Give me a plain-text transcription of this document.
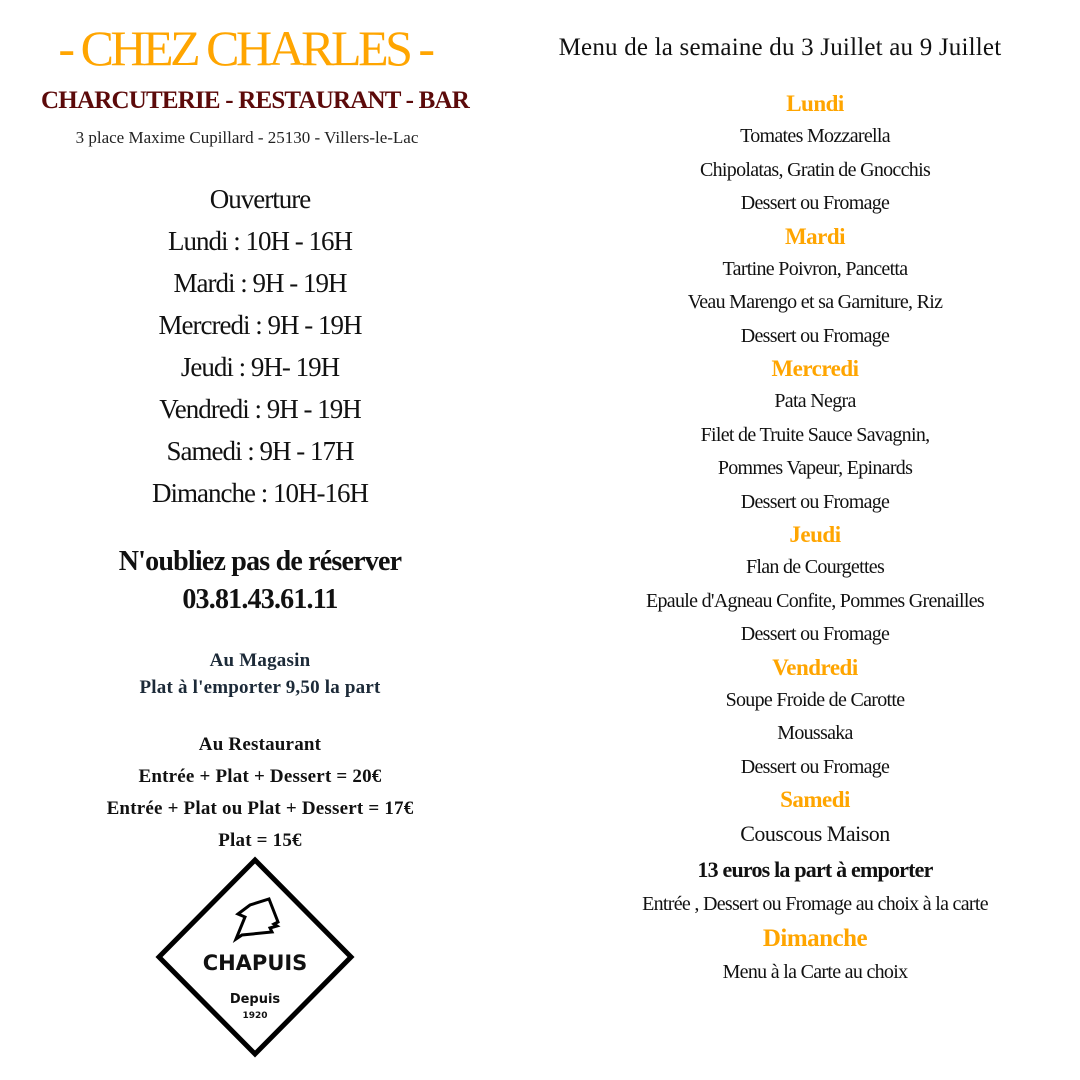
- CHEZ CHARLES -
CHARCUTERIE - RESTAURANT - BAR
3 place Maxime Cupillard - 25130 - Villers-le-Lac
Ouverture
Lundi : 10H - 16H
Mardi : 9H - 19H
Mercredi : 9H - 19H
Jeudi : 9H- 19H
Vendredi : 9H - 19H
Samedi : 9H - 17H
Dimanche : 10H-16H
N'oubliez pas de réserver
03.81.43.61.11
Au Magasin
Plat à l'emporter 9,50 la part
Au Restaurant
Entrée + Plat + Dessert = 20€
Entrée + Plat ou Plat + Dessert = 17€
Plat = 15€
CHAPUIS
Depuis
1920
Menu de la semaine du 3 Juillet au 9 Juillet
Lundi
Tomates Mozzarella
Chipolatas, Gratin de Gnocchis
Dessert ou Fromage
Mardi
Tartine Poivron, Pancetta
Veau Marengo et sa Garniture, Riz
Dessert ou Fromage
Mercredi
Pata Negra
Filet de Truite Sauce Savagnin,
Pommes Vapeur, Epinards
Dessert ou Fromage
Jeudi
Flan de Courgettes
Epaule d'Agneau Confite, Pommes Grenailles
Dessert ou Fromage
Vendredi
Soupe Froide de Carotte
Moussaka
Dessert ou Fromage
Samedi
Couscous Maison
13 euros la part à emporter
Entrée , Dessert ou Fromage au choix à la carte
Dimanche
Menu à la Carte au choix
